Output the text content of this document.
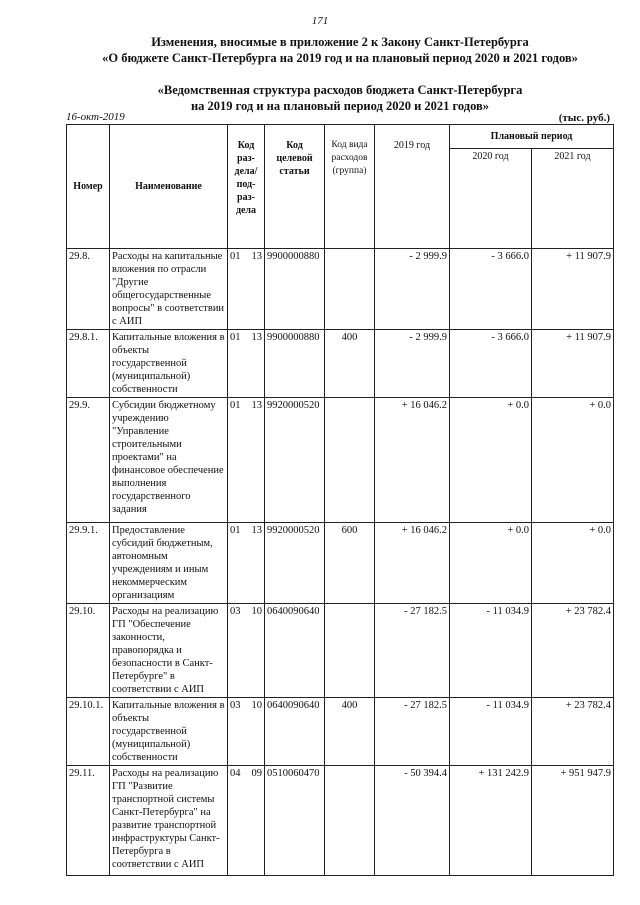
171
Изменения, вносимые в приложение 2 к Закону Санкт-Петербурга
«О бюджете Санкт-Петербурга на 2019 год и на плановый период 2020 и 2021 годов»
«Ведомственная структура расходов бюджета Санкт-Петербурга
на 2019 год и на плановый период 2020 и 2021 годов»
16-окт-2019	(тыс. руб.)
Номер	Наименование	Код раз-дела/ под-раз-дела	Код целевой статьи	Код вида расходов (группа)	2019 год	Плановый период	
						2020 год	2021 год
29.8.	Расходы на капитальные вложения по отрасли "Другие общегосударственные вопросы" в соответствии с АИП	01 13	9900000880		- 2 999.9	- 3 666.0	+ 11 907.9
29.8.1.	Капитальные вложения в объекты государственной (муниципальной) собственности	01 13	9900000880	400	- 2 999.9	- 3 666.0	+ 11 907.9
29.9.	Субсидии бюджетному учреждению "Управление строительными проектами" на финансовое обеспечение выполнения государственного задания	01 13	9920000520		+ 16 046.2	+ 0.0	+ 0.0
29.9.1.	Предоставление субсидий бюджетным, автономным учреждениям и иным некоммерческим организациям	01 13	9920000520	600	+ 16 046.2	+ 0.0	+ 0.0
29.10.	Расходы на реализацию ГП "Обеспечение законности, правопорядка и безопасности в Санкт-Петербурге" в соответствии с АИП	03 10	0640090640		- 27 182.5	- 11 034.9	+ 23 782.4
29.10.1.	Капитальные вложения в объекты государственной (муниципальной) собственности	03 10	0640090640	400	- 27 182.5	- 11 034.9	+ 23 782.4
29.11.	Расходы на реализацию ГП "Развитие транспортной системы Санкт-Петербурга" на развитие транспортной инфраструктуры Санкт-Петербурга в соответствии с АИП	04 09	0510060470		- 50 394.4	+ 131 242.9	+ 951 947.9
